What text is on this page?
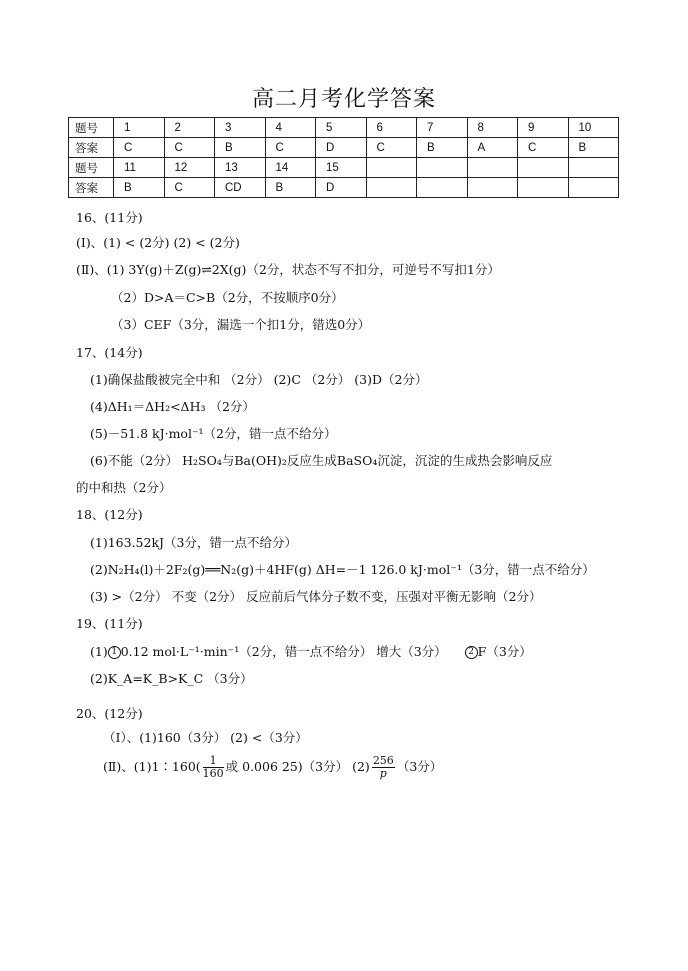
高二月考化学答案
题号	1	2	3	4	5	6	7	8	9	10
答案	C	C	B	C	D	C	B	A	C	B
题号	11	12	13	14	15					
答案	B	C	CD	B	D					
16、(11分)
(Ⅰ)、(1) < (2分) (2) < (2分)
(Ⅱ)、(1) 3Y(g)＋Z(g)⇌2X(g)（2分，状态不写不扣分，可逆号不写扣1分）
（2）D>A＝C>B（2分，不按顺序0分）
（3）CEF（3分，漏选一个扣1分，错选0分）
17、(14分)
(1)确保盐酸被完全中和 （2分） (2)C （2分） (3)D（2分）
(4)ΔH₁＝ΔH₂<ΔH₃ （2分）
(5)－51.8 kJ·mol⁻¹（2分，错一点不给分）
(6)不能（2分） H₂SO₄与Ba(OH)₂反应生成BaSO₄沉淀，沉淀的生成热会影响反应
的中和热（2分）
18、(12分)
(1)163.52kJ（3分，错一点不给分）
(2)N₂H₄(l)＋2F₂(g)══N₂(g)＋4HF(g) ΔH=－1 126.0 kJ·mol⁻¹（3分，错一点不给分）
(3) >（2分） 不变（2分） 反应前后气体分子数不变，压强对平衡无影响（2分）
19、(11分)
(1) 1 0.12 mol·L⁻¹·min⁻¹（2分，错一点不给分） 增大（3分） 2 F（3分）
(2)K_A=K_B>K_C （3分）
20、(12分)
（Ⅰ）、(1)160（3分） (2) <（3分）
(Ⅱ)、(1)1∶160( $\frac{1}{160}$ 或 0.006 25)（3分） $(2) \frac{256}{p} (3$分）
